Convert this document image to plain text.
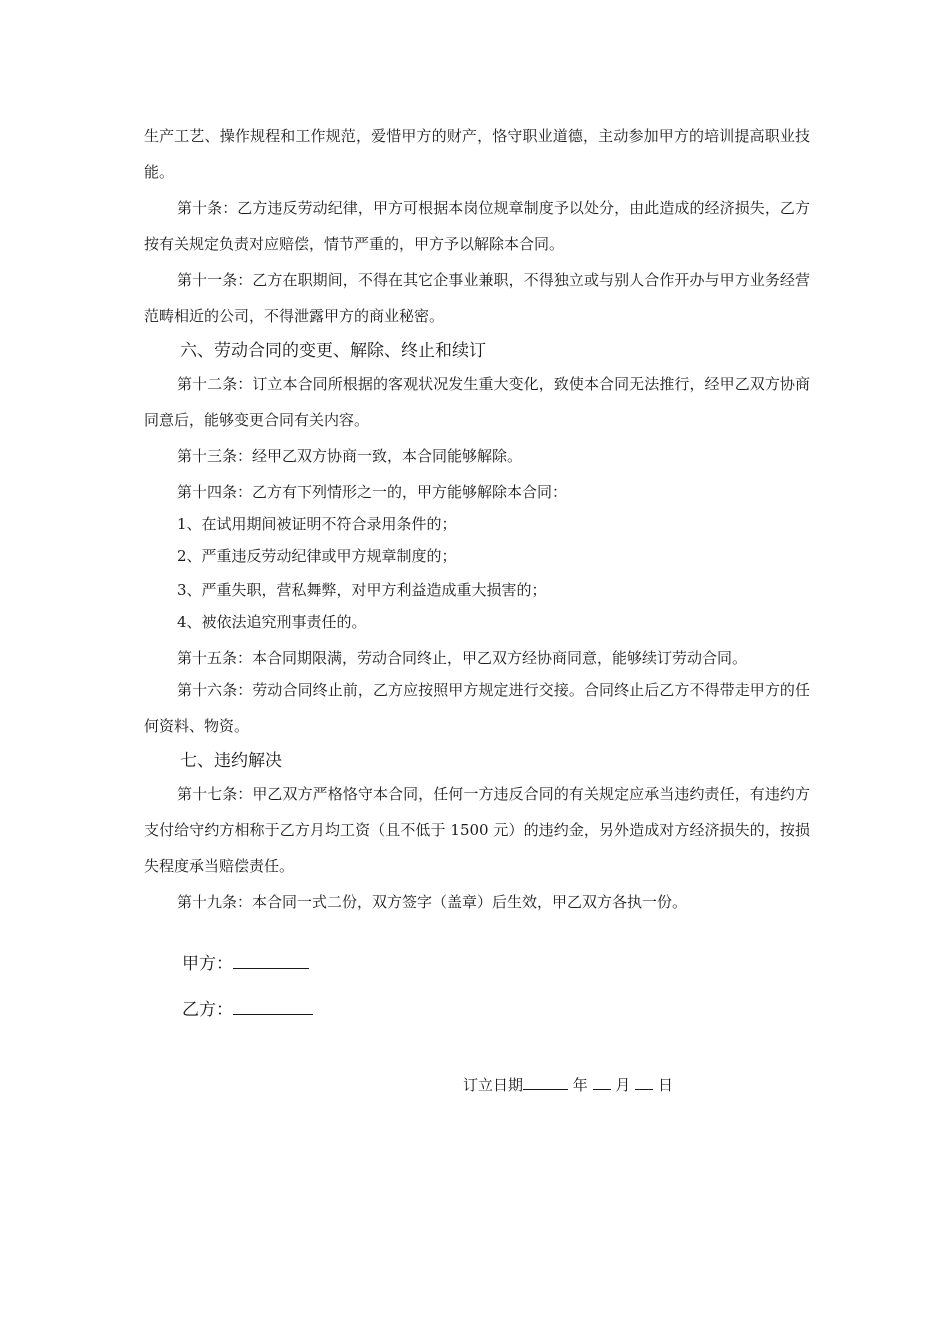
生产工艺、操作规程和工作规范，爱惜甲方的财产，恪守职业道德，主动参加甲方的培训提高职业技能。

第十条：乙方违反劳动纪律，甲方可根据本岗位规章制度予以处分，由此造成的经济损失，乙方按有关规定负责对应赔偿，情节严重的，甲方予以解除本合同。

第十一条：乙方在职期间，不得在其它企事业兼职，不得独立或与别人合作开办与甲方业务经营范畴相近的公司，不得泄露甲方的商业秘密。

六、劳动合同的变更、解除、终止和续订

第十二条：订立本合同所根据的客观状况发生重大变化，致使本合同无法推行，经甲乙双方协商同意后，能够变更合同有关内容。

第十三条：经甲乙双方协商一致，本合同能够解除。

第十四条：乙方有下列情形之一的，甲方能够解除本合同：

1、在试用期间被证明不符合录用条件的；

2、严重违反劳动纪律或甲方规章制度的；

3、严重失职，营私舞弊，对甲方利益造成重大损害的；

4、被依法追究刑事责任的。

第十五条：本合同期限满，劳动合同终止，甲乙双方经协商同意，能够续订劳动合同。

第十六条：劳动合同终止前，乙方应按照甲方规定进行交接。合同终止后乙方不得带走甲方的任何资料、物资。

七、违约解决

第十七条：甲乙双方严格恪守本合同，任何一方违反合同的有关规定应承当违约责任，有违约方支付给守约方相称于乙方月均工资（且不低于 1500 元）的违约金，另外造成对方经济损失的，按损失程度承当赔偿责任。

第十九条：本合同一式二份，双方签字（盖章）后生效，甲乙双方各执一份。

甲方：
乙方：
订立日期	年 月 日
